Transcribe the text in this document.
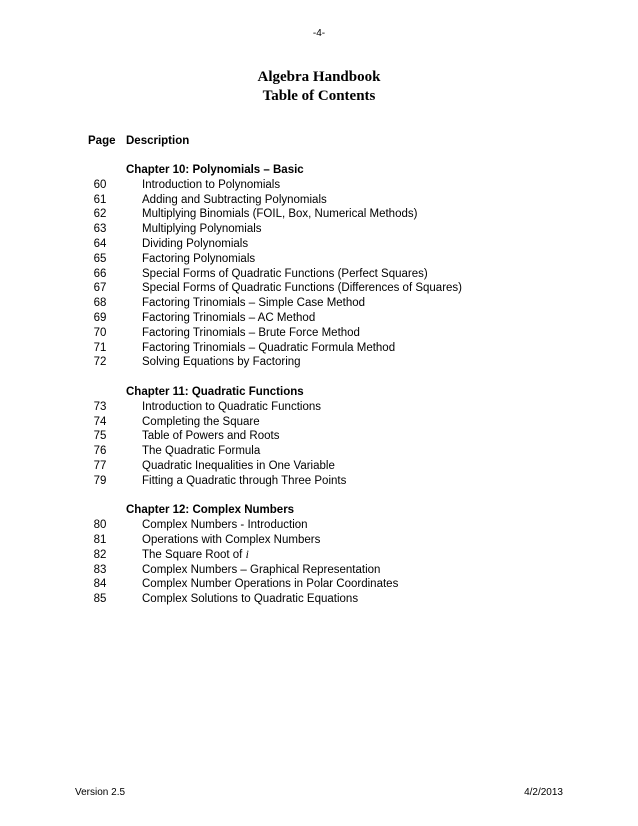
-4-
Algebra Handbook
Table of Contents
Page Description
Chapter 10: Polynomials – Basic
60	Introduction to Polynomials
61	Adding and Subtracting Polynomials
62	Multiplying Binomials (FOIL, Box, Numerical Methods)
63	Multiplying Polynomials
64	Dividing Polynomials
65	Factoring Polynomials
66	Special Forms of Quadratic Functions (Perfect Squares)
67	Special Forms of Quadratic Functions (Differences of Squares)
68	Factoring Trinomials – Simple Case Method
69	Factoring Trinomials – AC Method
70	Factoring Trinomials – Brute Force Method
71	Factoring Trinomials – Quadratic Formula Method
72	Solving Equations by Factoring
Chapter 11: Quadratic Functions
73	Introduction to Quadratic Functions
74	Completing the Square
75	Table of Powers and Roots
76	The Quadratic Formula
77	Quadratic Inequalities in One Variable
79	Fitting a Quadratic through Three Points
Chapter 12: Complex Numbers
80	Complex Numbers - Introduction
81	Operations with Complex Numbers
82	The Square Root of i
83	Complex Numbers – Graphical Representation
84	Complex Number Operations in Polar Coordinates
85	Complex Solutions to Quadratic Equations
Version 2.5	4/2/2013
